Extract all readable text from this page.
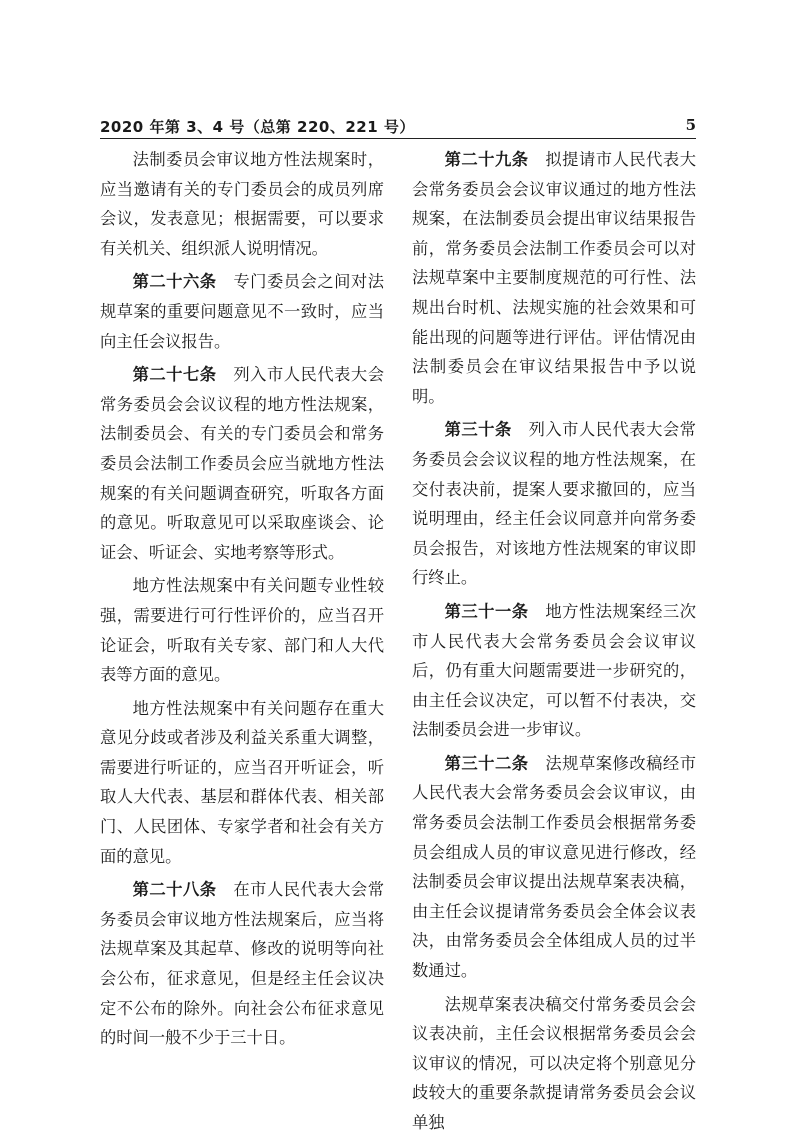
2020 年第 3、4 号（总第 220、221 号）	5

法制委员会审议地方性法规案时，应当邀请有关的专门委员会的成员列席会议，发表意见；根据需要，可以要求有关机关、组织派人说明情况。

第二十六条　 专门委员会之间对法规草案的重要问题意见不一致时，应当向主任会议报告。

第二十七条　 列入市人民代表大会常务委员会会议议程的地方性法规案，法制委员会、有关的专门委员会和常务委员会法制工作委员会应当就地方性法规案的有关问题调查研究，听取各方面的意见。听取意见可以采取座谈会、论证会、听证会、实地考察等形式。

地方性法规案中有关问题专业性较强，需要进行可行性评价的，应当召开论证会，听取有关专家、部门和人大代表等方面的意见。

地方性法规案中有关问题存在重大意见分歧或者涉及利益关系重大调整，需要进行听证的，应当召开听证会，听取人大代表、基层和群体代表、相关部门、人民团体、专家学者和社会有关方面的意见。

第二十八条　 在市人民代表大会常务委员会审议地方性法规案后，应当将法规草案及其起草、修改的说明等向社会公布，征求意见，但是经主任会议决定不公布的除外。向社会公布征求意见的时间一般不少于三十日。

第二十九条　 拟提请市人民代表大会常务委员会会议审议通过的地方性法规案，在法制委员会提出审议结果报告前，常务委员会法制工作委员会可以对法规草案中主要制度规范的可行性、法规出台时机、法规实施的社会效果和可能出现的问题等进行评估。评估情况由法制委员会在审议结果报告中予以说明。

第三十条　 列入市人民代表大会常务委员会会议议程的地方性法规案，在交付表决前，提案人要求撤回的，应当说明理由，经主任会议同意并向常务委员会报告，对该地方性法规案的审议即行终止。

第三十一条　 地方性法规案经三次市人民代表大会常务委员会会议审议后，仍有重大问题需要进一步研究的，由主任会议决定，可以暂不付表决，交法制委员会进一步审议。

第三十二条　 法规草案修改稿经市人民代表大会常务委员会会议审议，由常务委员会法制工作委员会根据常务委员会组成人员的审议意见进行修改，经法制委员会审议提出法规草案表决稿，由主任会议提请常务委员会全体会议表决，由常务委员会全体组成人员的过半数通过。

法规草案表决稿交付常务委员会会议表决前，主任会议根据常务委员会会议审议的情况，可以决定将个别意见分歧较大的重要条款提请常务委员会会议单独
